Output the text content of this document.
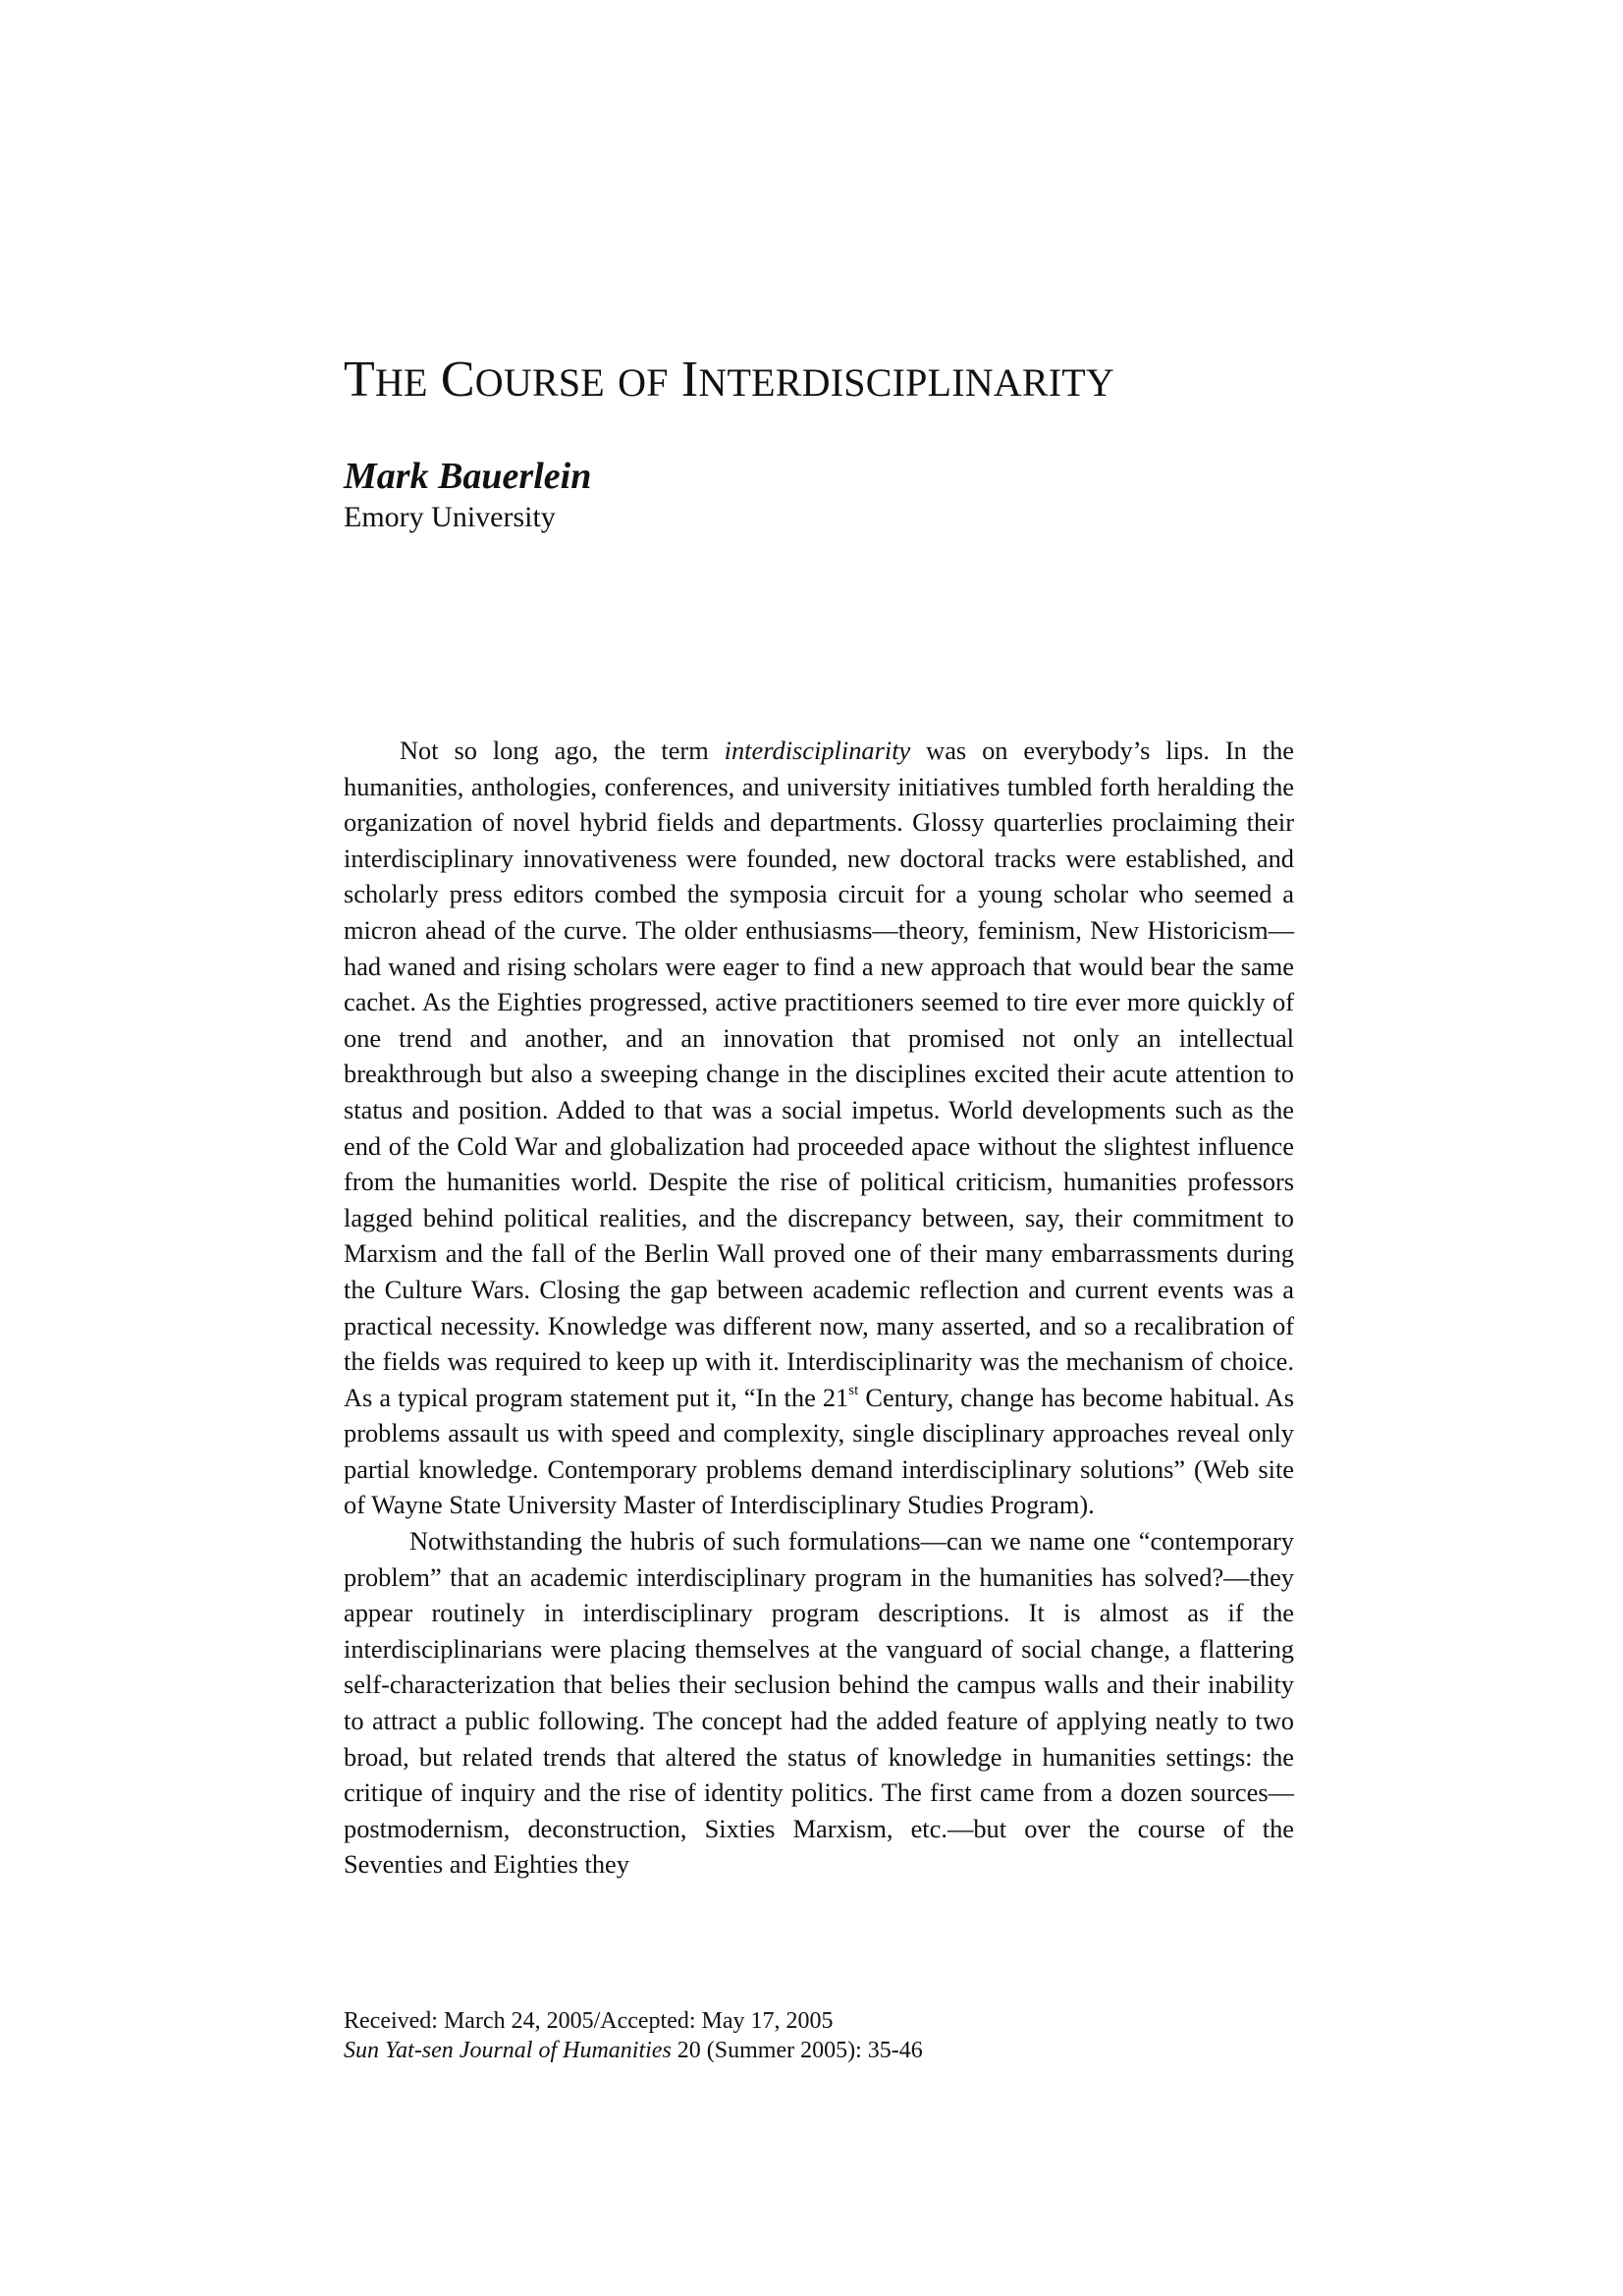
THE COURSE OF INTERDISCIPLINARITY

Mark Bauerlein

Emory University

Not so long ago, the term interdisciplinarity was on everybody’s lips. In the humanities, anthologies, conferences, and university initiatives tumbled forth heralding the organization of novel hybrid fields and departments. Glossy quarterlies proclaiming their interdisciplinary innovativeness were founded, new doctoral tracks were established, and scholarly press editors combed the symposia circuit for a young scholar who seemed a micron ahead of the curve. The older enthusiasms—theory, feminism, New Historicism—had waned and rising scholars were eager to find a new approach that would bear the same cachet. As the Eighties progressed, active practitioners seemed to tire ever more quickly of one trend and another, and an innovation that promised not only an intellectual breakthrough but also a sweeping change in the disciplines excited their acute attention to status and position. Added to that was a social impetus. World developments such as the end of the Cold War and globalization had proceeded apace without the slightest influence from the humanities world. Despite the rise of political criticism, humanities professors lagged behind political realities, and the discrepancy between, say, their commitment to Marxism and the fall of the Berlin Wall proved one of their many embarrassments during the Culture Wars. Closing the gap between academic reflection and current events was a practical necessity. Knowledge was different now, many asserted, and so a recalibration of the fields was required to keep up with it. Interdisciplinarity was the mechanism of choice. As a typical program statement put it, “In the 21st Century, change has become habitual. As problems assault us with speed and complexity, single disciplinary approaches reveal only partial knowledge. Contemporary problems demand interdisciplinary solutions” (Web site of Wayne State University Master of Interdisciplinary Studies Program).

Notwithstanding the hubris of such formulations—can we name one “contemporary problem” that an academic interdisciplinary program in the humanities has solved?—they appear routinely in interdisciplinary program descriptions. It is almost as if the interdisciplinarians were placing themselves at the vanguard of social change, a flattering self-characterization that belies their seclusion behind the campus walls and their inability to attract a public following. The concept had the added feature of applying neatly to two broad, but related trends that altered the status of knowledge in humanities settings: the critique of inquiry and the rise of identity politics. The first came from a dozen sources—postmodernism, deconstruction, Sixties Marxism, etc.—but over the course of the Seventies and Eighties they

Received: March 24, 2005/Accepted: May 17, 2005
Sun Yat-sen Journal of Humanities 20 (Summer 2005): 35-46
